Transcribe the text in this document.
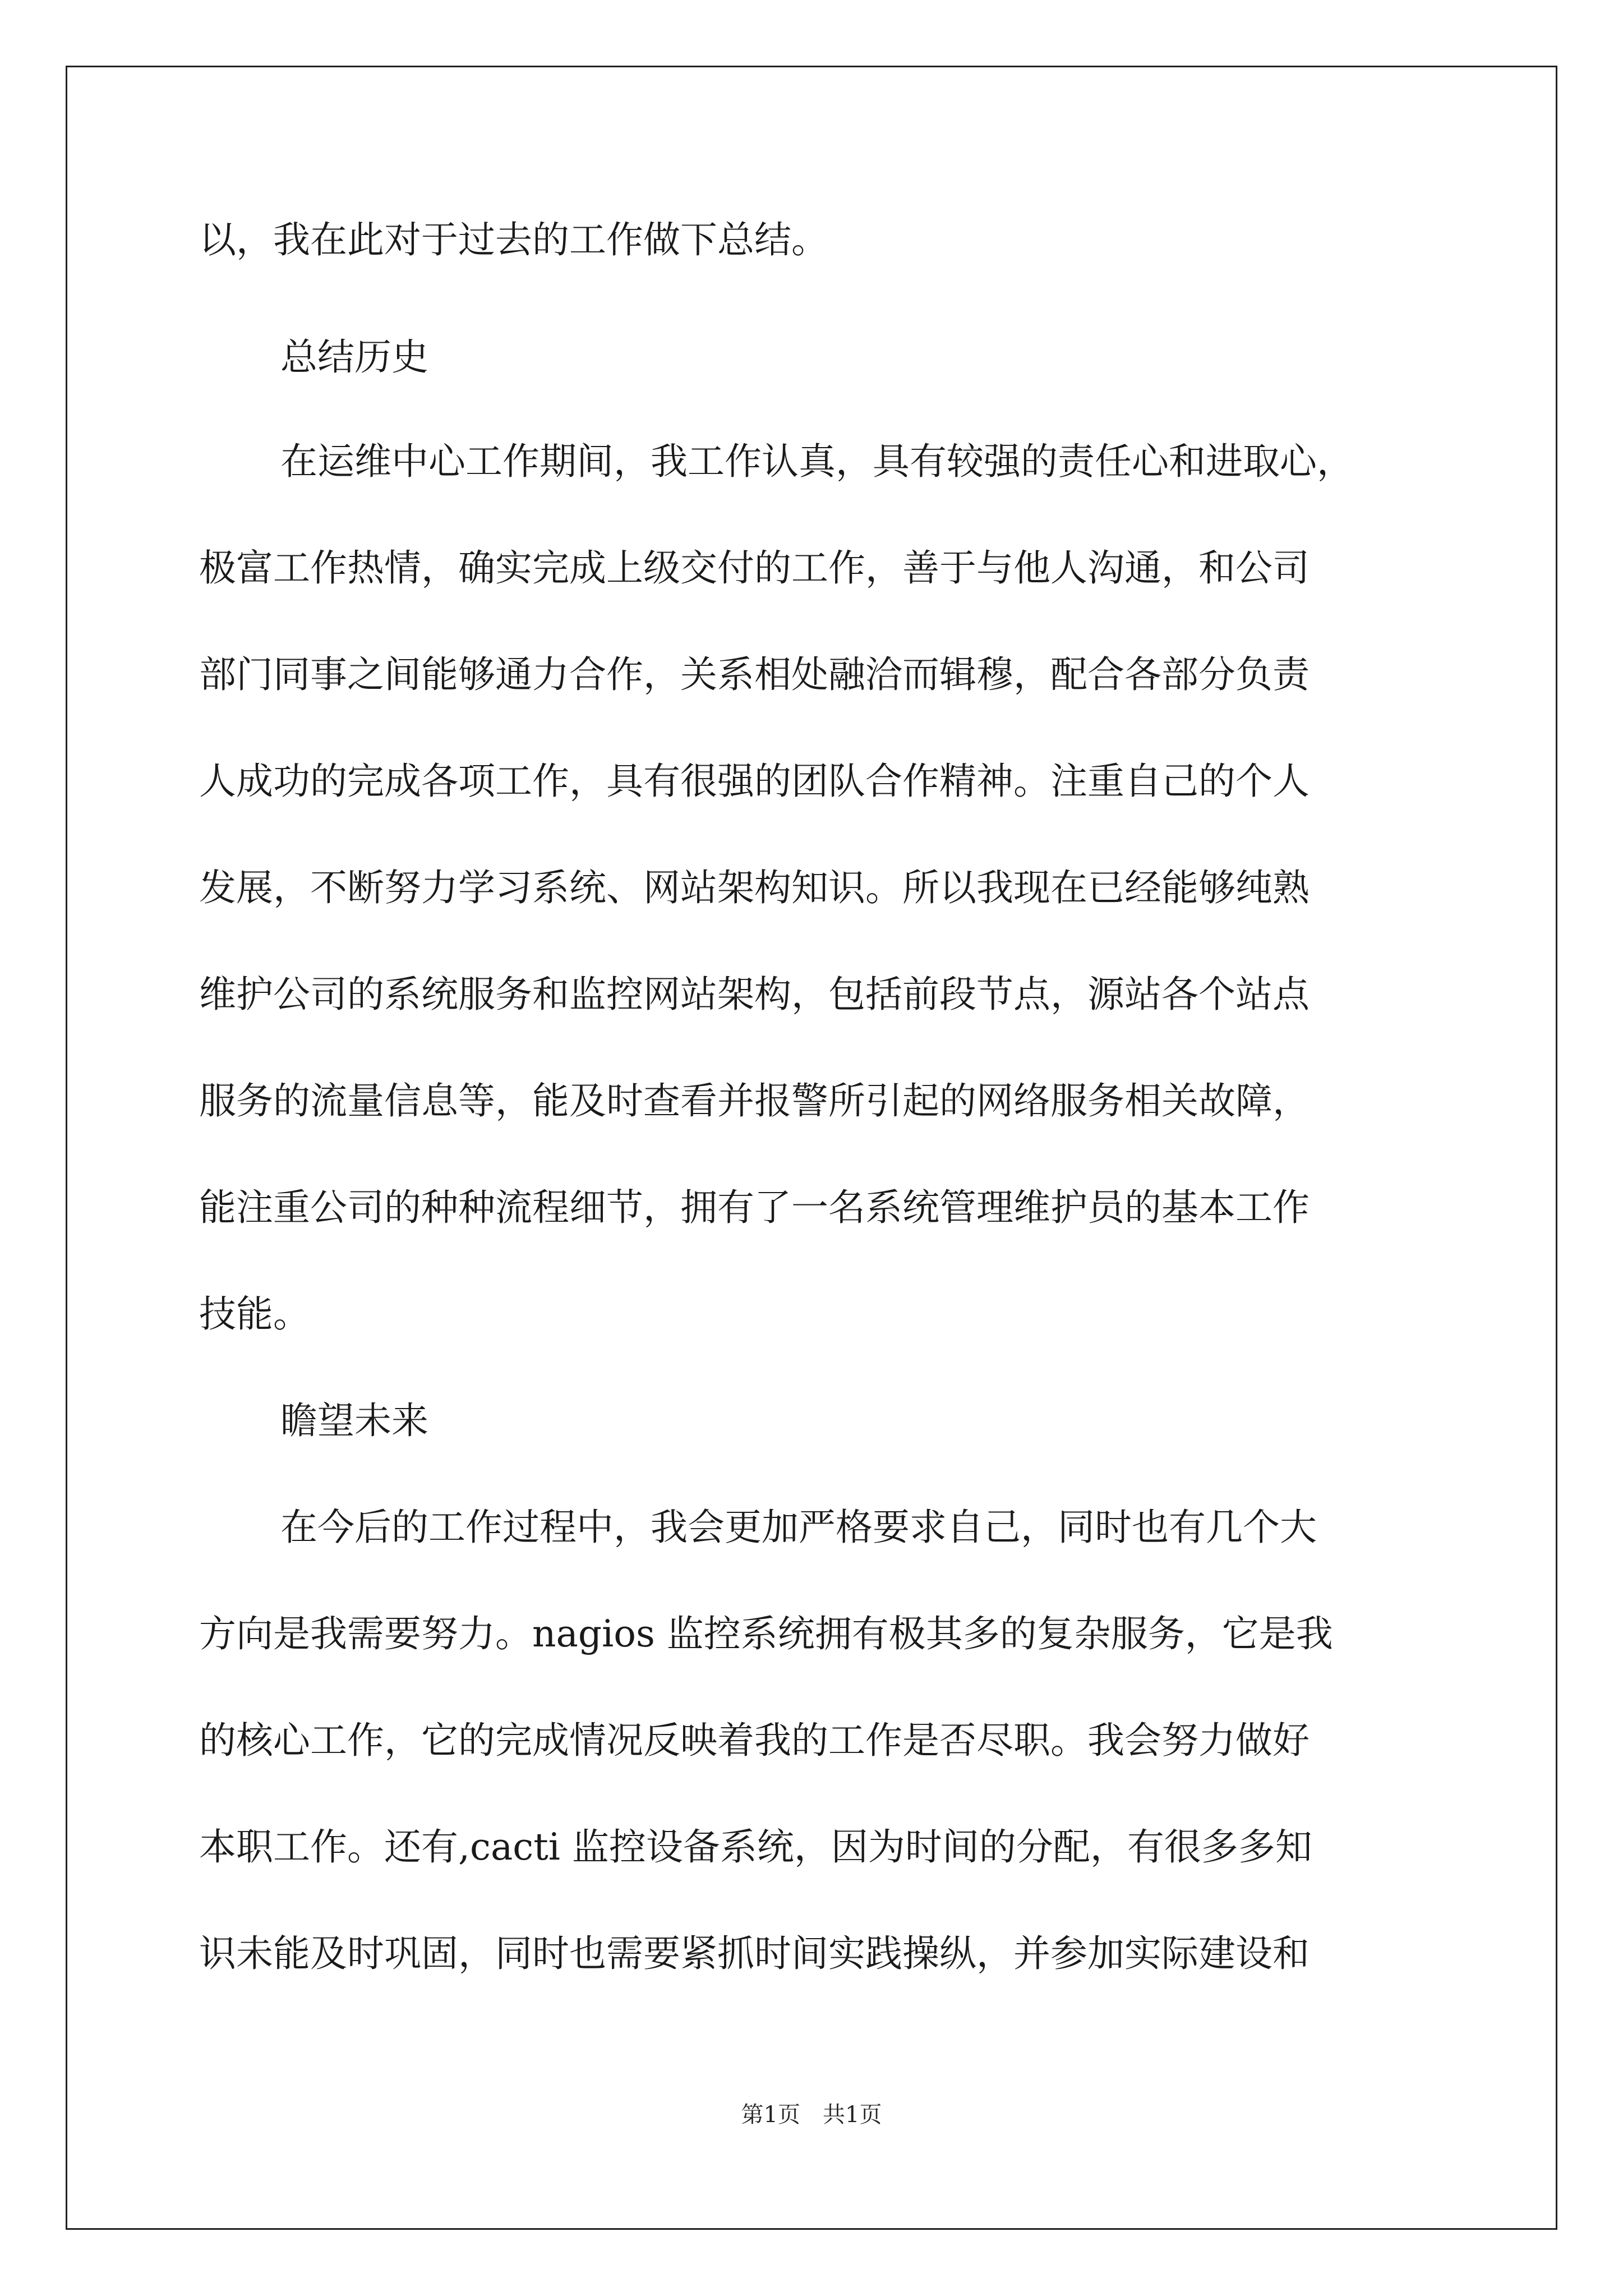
以，我在此对于过去的工作做下总结。
总结历史
在运维中心工作期间，我工作认真，具有较强的责任心和进取心，
极富工作热情，确实完成上级交付的工作，善于与他人沟通，和公司
部门同事之间能够通力合作，关系相处融洽而辑穆，配合各部分负责
人成功的完成各项工作，具有很强的团队合作精神。注重自己的个人
发展，不断努力学习系统、网站架构知识。所以我现在已经能够纯熟
维护公司的系统服务和监控网站架构，包括前段节点，源站各个站点
服务的流量信息等，能及时查看并报警所引起的网络服务相关故障，
能注重公司的种种流程细节，拥有了一名系统管理维护员的基本工作
技能。
瞻望未来
在今后的工作过程中，我会更加严格要求自己，同时也有几个大
方向是我需要努力。nagios 监控系统拥有极其多的复杂服务，它是我
的核心工作，它的完成情况反映着我的工作是否尽职。我会努力做好
本职工作。还有,cacti 监控设备系统，因为时间的分配，有很多多知
识未能及时巩固，同时也需要紧抓时间实践操纵，并参加实际建设和
第1页　共1页
